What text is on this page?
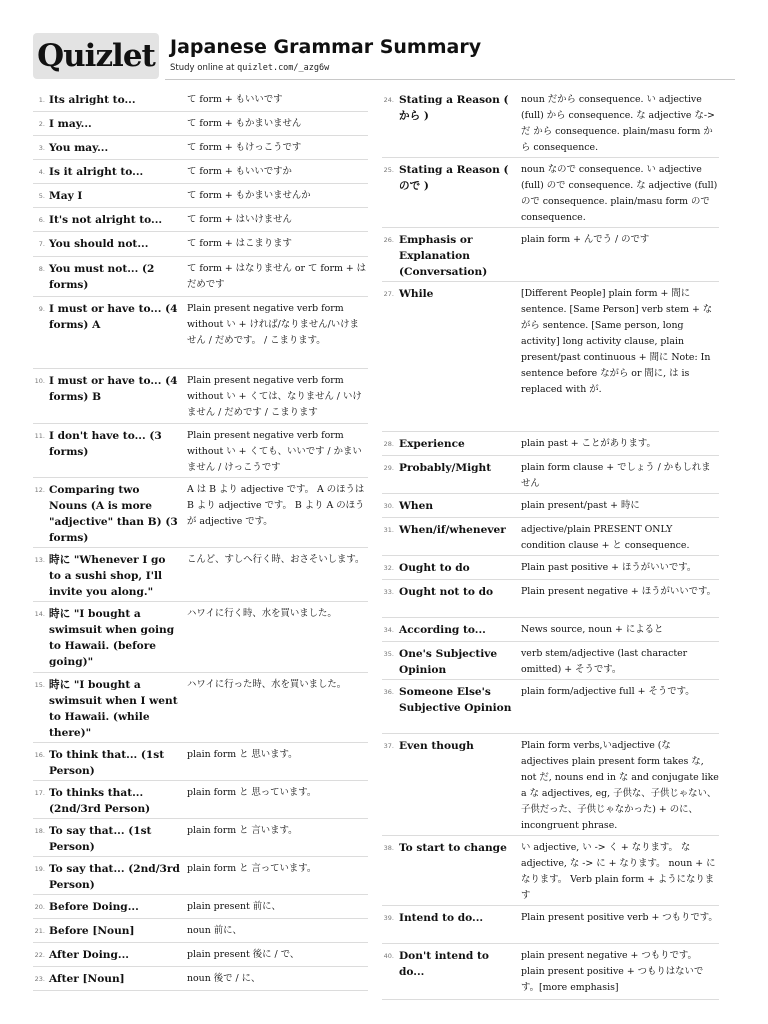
Quizlet Japanese Grammar Summary
Study online at quizlet.com/_azg6w
1. Its alright to...	て form + もいいです
2. I may...	て form + もかまいません
3. You may...	て form + もけっこうです
4. Is it alright to...	て form + もいいですか
5. May I	て form + もかまいませんか
6. It's not alright to...	て form + はいけません
7. You should not...	て form + はこまります
8. You must not... (2 forms)
て form + はなりません or て form + はだめです
9. I must or have to... (4 forms) A
Plain present negative verb form without い + ければ/なりません/いけません / だめです。 / こまります。
10. I must or have to... (4 forms) B
Plain present negative verb form without い + くては、なりません / いけません / だめです / こまります
11. I don't have to... (3 forms)
Plain present negative verb form without い + くても、いいです / かまいません / けっこうです
12. Comparing two Nouns (A is more "adjective" than B) (3 forms)
A は B より adjective です。 A のほうは B より adjective です。 B より A のほうが adjective です。
13. 時に "Whenever I go to a sushi shop, I'll invite you along."
こんど、すしへ行く時、おさそいします。
14. 時に "I bought a swimsuit when going to Hawaii. (before going)"
ハワイに行く時、水を買いました。
15. 時に "I bought a swimsuit when I went to Hawaii. (while there)"
ハワイに行った時、水を買いました。
16. To think that... (1st Person)
plain form と 思います。
17. To thinks that... (2nd/3rd Person)
plain form と 思っています。
18. To say that... (1st Person)
plain form と 言います。
19. To say that... (2nd/3rd Person)
plain form と 言っています。
20. Before Doing...	plain present 前に、
21. Before [Noun]	noun 前に、
22. After Doing...	plain present 後に / で、
23. After [Noun]	noun 後で / に、
24. Stating a Reason ( から )
noun だから consequence. い adjective (full) から consequence. な adjective な->だ から consequence. plain/masu form から consequence.
25. Stating a Reason ( ので )
noun なので consequence. い adjective (full) ので consequence. な adjective (full) ので consequence. plain/masu form ので consequence.
26. Emphasis or Explanation (Conversation)
plain form + んでう / のです
27. While	[Different People] plain form + 間に sentence. [Same Person] verb stem + ながら sentence. [Same person, long activity] long activity clause, plain present/past continuous + 間に Note: In sentence before ながら or 間に, は is replaced with が.
28. Experience	plain past + ことがあります。
29. Probably/Might	plain form clause + でしょう / かもしれません
30. When	plain present/past + 時に
31. When/if/whenever	adjective/plain PRESENT ONLY condition clause + と consequence.
32. Ought to do	Plain past positive + ほうがいいです。
33. Ought not to do	Plain present negative + ほうがいいです。
34. According to...	News source, noun + によると
35. One's Subjective Opinion
verb stem/adjective (last character omitted) + そうです。
36. Someone Else's Subjective Opinion
plain form/adjective full + そうです。
37. Even though	Plain form verbs,いadjective (な adjectives plain present form takes な, not だ, nouns end in な and conjugate like a な adjectives, eg, 子供な、子供じゃない、子供だった、子供じゃなかった) + のに、incongruent phrase.
38. To start to change	い adjective, い -> く + なります。 な adjective, な -> に + なります。 noun + に なります。 Verb plain form + ようになります
39. Intend to do...	Plain present positive verb + つもりです。
40. Don't intend to do...
plain present negative + つもりです。 plain present positive + つもりはないです。[more emphasis]
